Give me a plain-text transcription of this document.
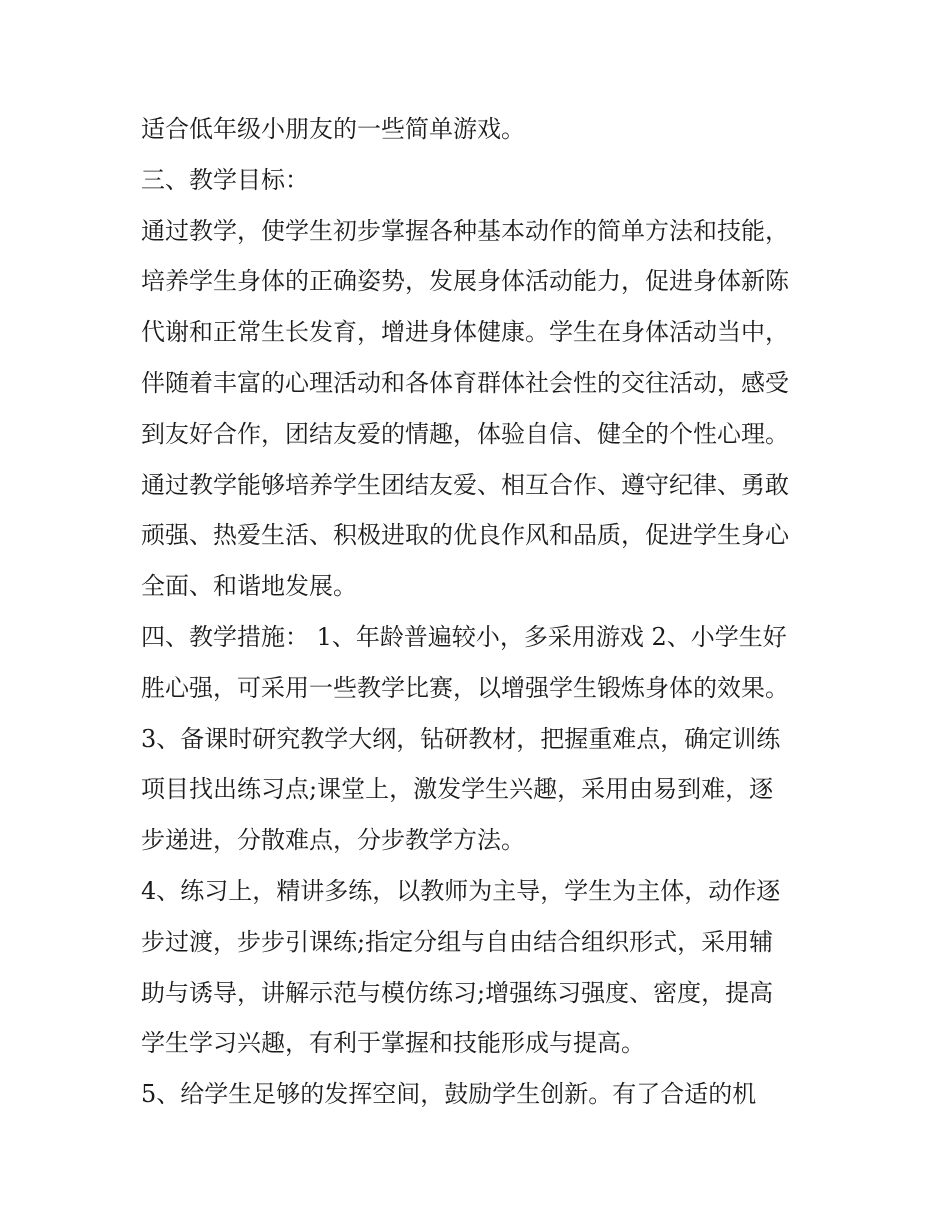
适合低年级小朋友的一些简单游戏。
三、教学目标：
通过教学，使学生初步掌握各种基本动作的简单方法和技能，
培养学生身体的正确姿势，发展身体活动能力，促进身体新陈
代谢和正常生长发育，增进身体健康。学生在身体活动当中，
伴随着丰富的心理活动和各体育群体社会性的交往活动，感受
到友好合作，团结友爱的情趣，体验自信、健全的个性心理。
通过教学能够培养学生团结友爱、相互合作、遵守纪律、勇敢
顽强、热爱生活、积极进取的优良作风和品质，促进学生身心
全面、和谐地发展。
四、教学措施： 1、年龄普遍较小，多采用游戏 2、小学生好
胜心强，可采用一些教学比赛，以增强学生锻炼身体的效果。
3、备课时研究教学大纲，钻研教材，把握重难点，确定训练
项目找出练习点;课堂上，激发学生兴趣，采用由易到难，逐
步递进，分散难点，分步教学方法。
4、练习上，精讲多练，以教师为主导，学生为主体，动作逐
步过渡，步步引课练;指定分组与自由结合组织形式，采用辅
助与诱导，讲解示范与模仿练习;增强练习强度、密度，提高
学生学习兴趣，有利于掌握和技能形成与提高。
5、给学生足够的发挥空间，鼓励学生创新。有了合适的机
